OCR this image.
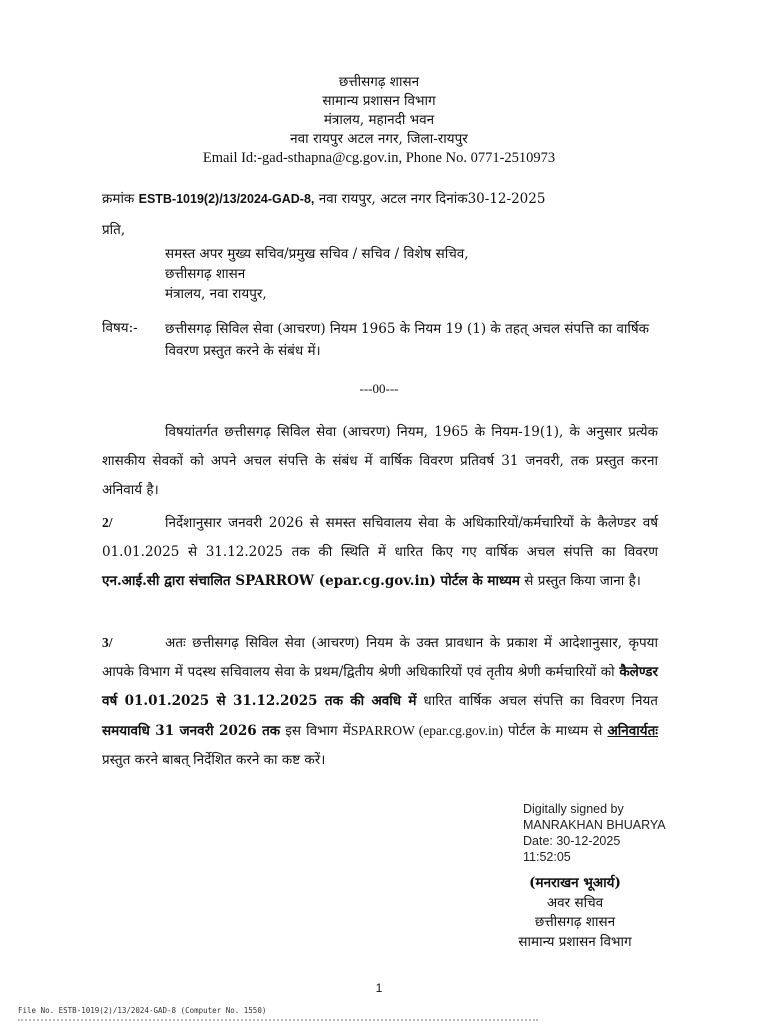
छत्तीसगढ़ शासन
सामान्य प्रशासन विभाग
मंत्रालय, महानदी भवन
नवा रायपुर अटल नगर, जिला-रायपुर
Email Id:-gad-sthapna@cg.gov.in, Phone No. 0771-2510973
क्रमांक ESTB-1019(2)/13/2024-GAD-8, नवा रायपुर, अटल नगर दिनांक30-12-2025
प्रति,
समस्त अपर मुख्य सचिव/प्रमुख सचिव / सचिव / विशेष सचिव,
छत्तीसगढ़ शासन
मंत्रालय, नवा रायपुर,
विषय:- छत्तीसगढ़ सिविल सेवा (आचरण) नियम 1965 के नियम 19 (1) के तहत् अचल संपत्ति का वार्षिक विवरण प्रस्तुत करने के संबंध में।
---00---
विषयांतर्गत छत्तीसगढ़ सिविल सेवा (आचरण) नियम, 1965 के नियम-19(1), के अनुसार प्रत्येक शासकीय सेवकों को अपने अचल संपत्ति के संबंध में वार्षिक विवरण प्रतिवर्ष 31 जनवरी, तक प्रस्तुत करना अनिवार्य है।
2/	निर्देशानुसार जनवरी 2026 से समस्त सचिवालय सेवा के अधिकारियों/कर्मचारियों के कैलेण्डर वर्ष 01.01.2025 से 31.12.2025 तक की स्थिति में धारित किए गए वार्षिक अचल संपत्ति का विवरण एन.आई.सी द्वारा संचालित SPARROW (epar.cg.gov.in) पोर्टल के माध्यम से प्रस्तुत किया जाना है।
3/	अतः छत्तीसगढ़ सिविल सेवा (आचरण) नियम के उक्त प्रावधान के प्रकाश में आदेशानुसार, कृपया आपके विभाग में पदस्थ सचिवालय सेवा के प्रथम/द्वितीय श्रेणी अधिकारियों एवं तृतीय श्रेणी कर्मचारियों को कैलेण्डर वर्ष 01.01.2025 से 31.12.2025 तक की अवधि में धारित वार्षिक अचल संपत्ति का विवरण नियत समयावधि 31 जनवरी 2026 तक इस विभाग मेंSPARROW (epar.cg.gov.in) पोर्टल के माध्यम से अनिवार्यतः प्रस्तुत करने बाबत् निर्देशित करने का कष्ट करें।
Digitally signed by
MANRAKHAN BHUARYA
Date: 30-12-2025
11:52:05
(मनराखन भूआर्य)
अवर सचिव
छत्तीसगढ़ शासन
सामान्य प्रशासन विभाग
1
File No. ESTB-1019(2)/13/2024-GAD-8 (Computer No. 1550)
